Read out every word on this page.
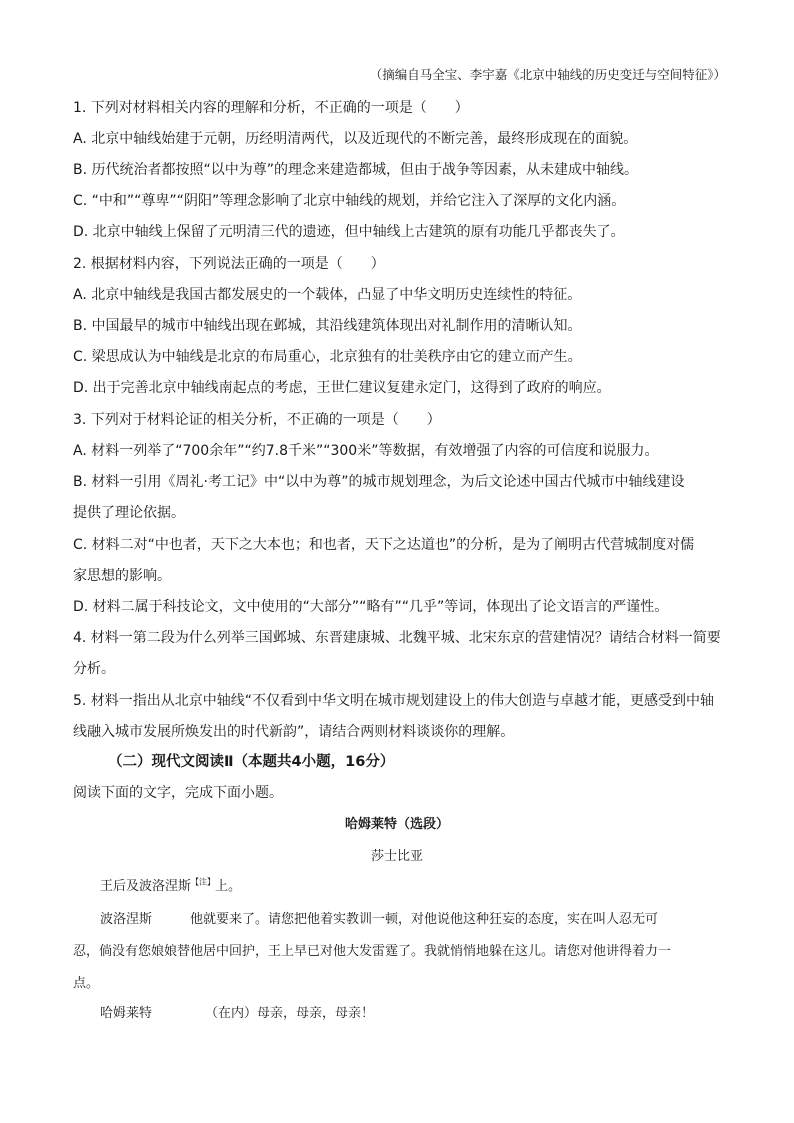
（摘编自马全宝、李宇嘉《北京中轴线的历史变迁与空间特征》）
1. 下列对材料相关内容的理解和分析，不正确的一项是（　　）
A. 北京中轴线始建于元朝，历经明清两代，以及近现代的不断完善，最终形成现在的面貌。
B. 历代统治者都按照“以中为尊”的理念来建造都城，但由于战争等因素，从未建成中轴线。
C. “中和”“尊卑”“阴阳”等理念影响了北京中轴线的规划，并给它注入了深厚的文化内涵。
D. 北京中轴线上保留了元明清三代的遗迹，但中轴线上古建筑的原有功能几乎都丧失了。
2. 根据材料内容，下列说法正确的一项是（　　）
A. 北京中轴线是我国古都发展史的一个载体，凸显了中华文明历史连续性的特征。
B. 中国最早的城市中轴线出现在邺城，其沿线建筑体现出对礼制作用的清晰认知。
C. 梁思成认为中轴线是北京的布局重心，北京独有的壮美秩序由它的建立而产生。
D. 出于完善北京中轴线南起点的考虑，王世仁建议复建永定门，这得到了政府的响应。
3. 下列对于材料论证的相关分析，不正确的一项是（　　）
A. 材料一列举了“700余年”“约7.8千米”“300米”等数据，有效增强了内容的可信度和说服力。
B. 材料一引用《周礼·考工记》中“以中为尊”的城市规划理念，为后文论述中国古代城市中轴线建设
提供了理论依据。
C. 材料二对“中也者，天下之大本也；和也者，天下之达道也”的分析，是为了阐明古代营城制度对儒
家思想的影响。
D. 材料二属于科技论文，文中使用的“大部分”“略有”“几乎”等词，体现出了论文语言的严谨性。
4. 材料一第二段为什么列举三国邺城、东晋建康城、北魏平城、北宋东京的营建情况？请结合材料一简要
分析。
5. 材料一指出从北京中轴线“不仅看到中华文明在城市规划建设上的伟大创造与卓越才能，更感受到中轴
线融入城市发展所焕发出的时代新韵”，请结合两则材料谈谈你的理解。
（二）现代文阅读Ⅱ（本题共4小题，16分）
阅读下面的文字，完成下面小题。
哈姆莱特（选段）
莎士比亚
王后及波洛涅斯$^{【注】}$上。
波洛涅斯	他就要来了。请您把他着实教训一顿，对他说他这种狂妄的态度，实在叫人忍无可
忍，倘没有您娘娘替他居中回护，王上早已对他大发雷霆了。我就悄悄地躲在这儿。请您对他讲得着力一
点。
哈姆莱特	（在内）母亲，母亲，母亲！
